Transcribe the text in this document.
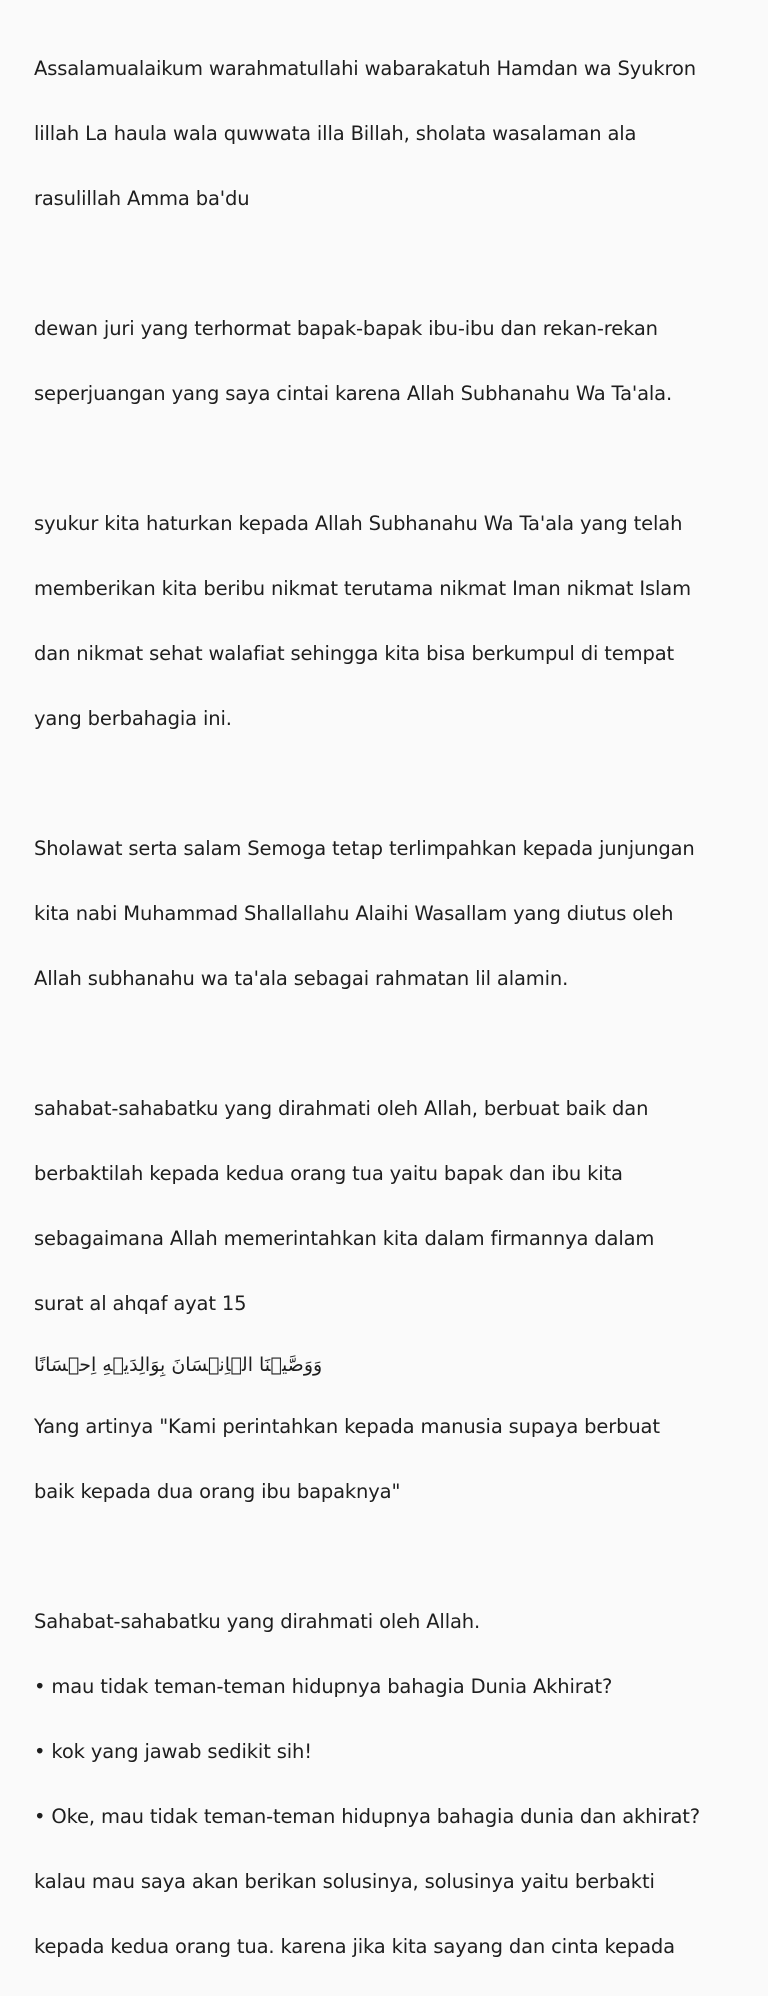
Assalamualaikum warahmatullahi wabarakatuh Hamdan wa Syukron

lillah La haula wala quwwata illa Billah, sholata wasalaman ala

rasulillah Amma ba'du

dewan juri yang terhormat bapak-bapak ibu-ibu dan rekan-rekan

seperjuangan yang saya cintai karena Allah Subhanahu Wa Ta'ala.

syukur kita haturkan kepada Allah Subhanahu Wa Ta'ala yang telah

memberikan kita beribu nikmat terutama nikmat Iman nikmat Islam

dan nikmat sehat walafiat sehingga kita bisa berkumpul di tempat

yang berbahagia ini.

Sholawat serta salam Semoga tetap terlimpahkan kepada junjungan

kita nabi Muhammad Shallallahu Alaihi Wasallam yang diutus oleh

Allah subhanahu wa ta'ala sebagai rahmatan lil alamin.

sahabat-sahabatku yang dirahmati oleh Allah, berbuat baik dan

berbaktilah kepada kedua orang tua yaitu bapak dan ibu kita

sebagaimana Allah memerintahkan kita dalam firmannya dalam

surat al ahqaf ayat 15

وَوَصَّيۡنَا الۡاِنۡسَانَ بِوَالِدَيۡهِ اِحۡسَانًا

Yang artinya "Kami perintahkan kepada manusia supaya berbuat

baik kepada dua orang ibu bapaknya"

Sahabat-sahabatku yang dirahmati oleh Allah.

• mau tidak teman-teman hidupnya bahagia Dunia Akhirat?

• kok yang jawab sedikit sih!

• Oke, mau tidak teman-teman hidupnya bahagia dunia dan akhirat?

kalau mau saya akan berikan solusinya, solusinya yaitu berbakti

kepada kedua orang tua. karena jika kita sayang dan cinta kepada
